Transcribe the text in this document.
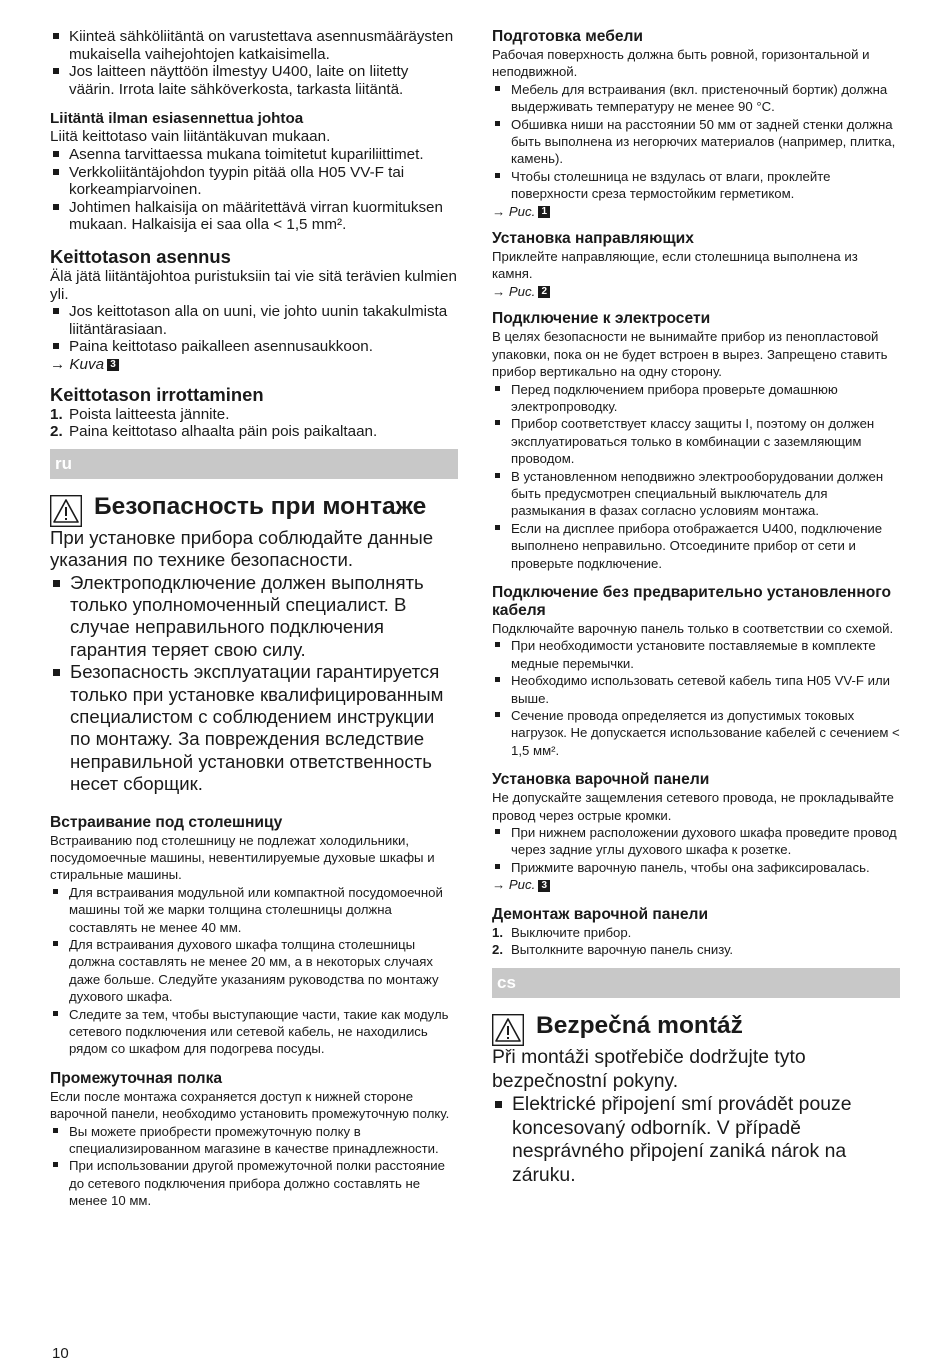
Kiinteä sähköliitäntä on varustettava asennusmääräysten mukaisella vaihejohtojen katkaisimella.
Jos laitteen näyttöön ilmestyy U400, laite on liitetty väärin. Irrota laite sähköverkosta, tarkasta liitäntä.
Liitäntä ilman esiasennettua johtoa

Liitä keittotaso vain liitäntäkuvan mukaan.

Asenna tarvittaessa mukana toimitetut kupariliittimet.
Verkkoliitäntäjohdon tyypin pitää olla H05 VV-F tai korkeampiarvoinen.
Johtimen halkaisija on määritettävä virran kuormituksen mukaan. Halkaisija ei saa olla < 1,5 mm².
Keittotason asennus

Älä jätä liitäntäjohtoa puristuksiin tai vie sitä terävien kulmien yli.

Jos keittotason alla on uuni, vie johto uunin takakulmista liitäntärasiaan.
Paina keittotaso paikalleen asennusaukkoon.

→ Kuva 3

Keittotason irrottaminen
1. Poista laitteesta jännite.
2. Paina keittotaso alhaalta päin pois paikaltaan.
ru
Безопасность при монтаже

При установке прибора соблюдайте данные указания по технике безопасности.

Электроподключение должен выполнять только уполномоченный специалист. В случае неправильного подключения гарантия теряет свою силу.
Безопасность эксплуатации гарантируется только при установке квалифицированным специалистом с соблюдением инструкции по монтажу. За повреждения вследствие неправильной установки ответственность несет сборщик.
Встраивание под столешницу

Встраиванию под столешницу не подлежат холодильники, посудомоечные машины, невентилируемые духовые шкафы и стиральные машины.

Для встраивания модульной или компактной посудомоечной машины той же марки толщина столешницы должна составлять не менее 40 мм.
Для встраивания духового шкафа толщина столешницы должна составлять не менее 20 мм, а в некоторых случаях даже больше. Следуйте указаниям руководства по монтажу духового шкафа.
Следите за тем, чтобы выступающие части, такие как модуль сетевого подключения или сетевой кабель, не находились рядом со шкафом для подогрева посуды.
Промежуточная полка

Если после монтажа сохраняется доступ к нижней стороне варочной панели, необходимо установить промежуточную полку.

Вы можете приобрести промежуточную полку в специализированном магазине в качестве принадлежности.
При использовании другой промежуточной полки расстояние до сетевого подключения прибора должно составлять не менее 10 мм.
Подготовка мебели

Рабочая поверхность должна быть ровной, горизонтальной и неподвижной.

Мебель для встраивания (вкл. пристеночный бортик) должна выдерживать температуру не менее 90 °C.
Обшивка ниши на расстоянии 50 мм от задней стенки должна быть выполнена из негорючих материалов (например, плитка, камень).
Чтобы столешница не вздулась от влаги, проклейте поверхности среза термостойким герметиком.

→ Рис. 1

Установка направляющих

Приклейте направляющие, если столешница выполнена из камня.

→ Рис. 2

Подключение к электросети

В целях безопасности не вынимайте прибор из пенопластовой упаковки, пока он не будет встроен в вырез. Запрещено ставить прибор вертикально на одну сторону.

Перед подключением прибора проверьте домашнюю электропроводку.
Прибор соответствует классу защиты I, поэтому он должен эксплуатироваться только в комбинации с заземляющим проводом.
В установленном неподвижно электрооборудовании должен быть предусмотрен специальный выключатель для размыкания в фазах согласно условиям монтажа.
Если на дисплее прибора отображается U400, подключение выполнено неправильно. Отсоедините прибор от сети и проверьте подключение.
Подключение без предварительно установленного кабеля

Подключайте варочную панель только в соответствии со схемой.

При необходимости установите поставляемые в комплекте медные перемычки.
Необходимо использовать сетевой кабель типа H05 VV-F или выше.
Сечение провода определяется из допустимых токовых нагрузок. Не допускается использование кабелей с сечением < 1,5 мм².
Установка варочной панели

Не допускайте защемления сетевого провода, не прокладывайте провод через острые кромки.

При нижнем расположении духового шкафа проведите провод через задние углы духового шкафа к розетке.
Прижмите варочную панель, чтобы она зафиксировалась.

→ Рис. 3

Демонтаж варочной панели
1. Выключите прибор.
2. Вытолкните варочную панель снизу.
cs
Bezpečná montáž

Při montáži spotřebiče dodržujte tyto bezpečnostní pokyny.

Elektrické připojení smí provádět pouze koncesovaný odborník. V případě nesprávného připojení zaniká nárok na záruku.
10
